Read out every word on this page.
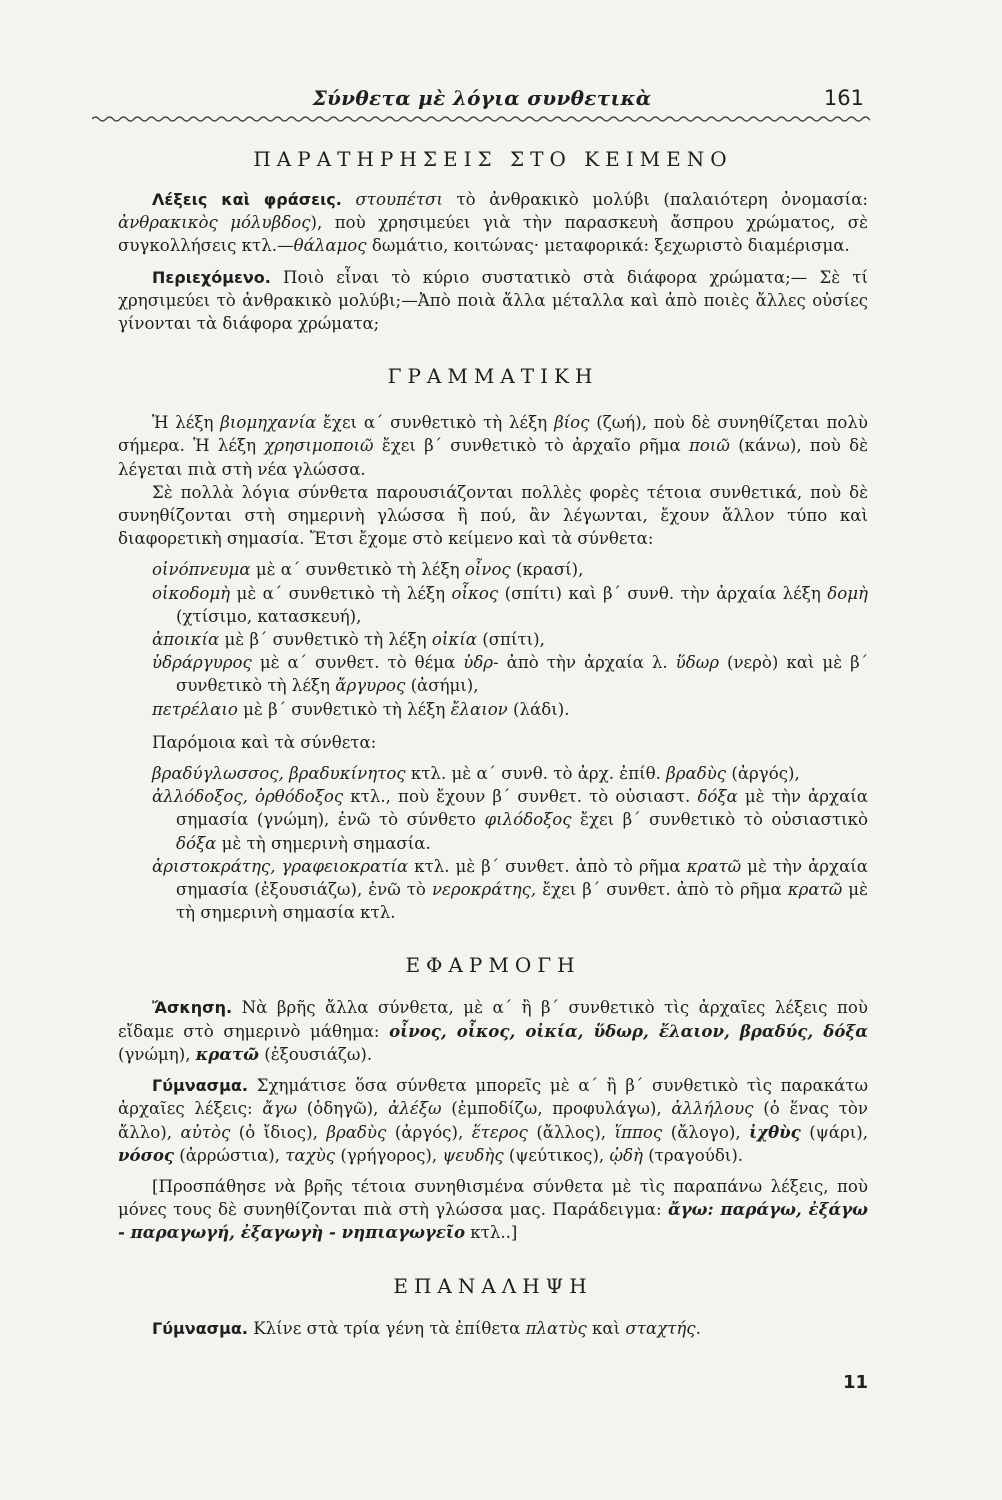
Σύνθετα μὲ λόγια συνθετικὰ	161
ΠΑΡΑΤΗΡΗΣΕΙΣ ΣΤΟ ΚΕΙΜΕΝΟ

Λέξεις καὶ φράσεις. στουπέτσι τὸ ἀνθρακικὸ μολύβι (παλαιότερη ὀνομασία: ἀνθρακικὸς μόλυβδος), ποὺ χρησιμεύει γιὰ τὴν παρασκευὴ ἄσπρου χρώματος, σὲ συγκολλήσεις κτλ.—θάλαμος δωμάτιο, κοιτώνας· μεταφορικά: ξεχωριστὸ διαμέρισμα.

Περιεχόμενο. Ποιὸ εἶναι τὸ κύριο συστατικὸ στὰ διάφορα χρώματα;— Σὲ τί χρησιμεύει τὸ ἀνθρακικὸ μολύβι;—Ἀπὸ ποιὰ ἄλλα μέταλλα καὶ ἀπὸ ποιὲς ἄλλες οὐσίες γίνονται τὰ διάφορα χρώματα;

ΓΡΑΜΜΑΤΙΚΗ

Ἡ λέξη βιομηχανία ἔχει α΄ συνθετικὸ τὴ λέξη βίος (ζωή), ποὺ δὲ συνηθίζεται πολὺ σήμερα. Ἡ λέξη χρησιμοποιῶ ἔχει β΄ συνθετικὸ τὸ ἀρχαῖο ρῆμα ποιῶ (κάνω), ποὺ δὲ λέγεται πιὰ στὴ νέα γλώσσα.

Σὲ πολλὰ λόγια σύνθετα παρουσιάζονται πολλὲς φορὲς τέτοια συνθετικά, ποὺ δὲ συνηθίζονται στὴ σημερινὴ γλώσσα ἢ πού, ἂν λέγωνται, ἔχουν ἄλλον τύπο καὶ διαφορετικὴ σημασία. Ἔτσι ἔχομε στὸ κείμενο καὶ τὰ σύνθετα:

οἰνόπνευμα μὲ α΄ συνθετικὸ τὴ λέξη οἶνος (κρασί),

οἰκοδομὴ μὲ α΄ συνθετικὸ τὴ λέξη οἶκος (σπίτι) καὶ β΄ συνθ. τὴν ἀρχαία λέξη δομὴ (χτίσιμο, κατασκευή),

ἀποικία μὲ β΄ συνθετικὸ τὴ λέξη οἰκία (σπίτι),

ὑδράργυρος μὲ α΄ συνθετ. τὸ θέμα ὑδρ- ἀπὸ τὴν ἀρχαία λ. ὕδωρ (νερὸ) καὶ μὲ β΄ συνθετικὸ τὴ λέξη ἄργυρος (ἀσήμι),

πετρέλαιο μὲ β΄ συνθετικὸ τὴ λέξη ἔλαιον (λάδι).

Παρόμοια καὶ τὰ σύνθετα:

βραδύγλωσσος, βραδυκίνητος κτλ. μὲ α΄ συνθ. τὸ ἀρχ. ἐπίθ. βραδὺς (ἀργός),

ἀλλόδοξος, ὀρθόδοξος κτλ., ποὺ ἔχουν β΄ συνθετ. τὸ οὐσιαστ. δόξα μὲ τὴν ἀρχαία σημασία (γνώμη), ἐνῶ τὸ σύνθετο φιλόδοξος ἔχει β΄ συνθετικὸ τὸ οὐσιαστικὸ δόξα μὲ τὴ σημερινὴ σημασία.

ἀριστοκράτης, γραφειοκρατία κτλ. μὲ β΄ συνθετ. ἀπὸ τὸ ρῆμα κρατῶ μὲ τὴν ἀρχαία σημασία (ἐξουσιάζω), ἐνῶ τὸ νεροκράτης, ἔχει β΄ συνθετ. ἀπὸ τὸ ρῆμα κρατῶ μὲ τὴ σημερινὴ σημασία κτλ.

ΕΦΑΡΜΟΓΗ

Ἄσκηση. Νὰ βρῆς ἄλλα σύνθετα, μὲ α΄ ἢ β΄ συνθετικὸ τὶς ἀρχαῖες λέξεις ποὺ εἴδαμε στὸ σημερινὸ μάθημα: οἶνος, οἶκος, οἰκία, ὕδωρ, ἔλαιον, βραδύς, δόξα (γνώμη), κρατῶ (ἐξουσιάζω).

Γύμνασμα. Σχημάτισε ὅσα σύνθετα μπορεῖς μὲ α΄ ἢ β΄ συνθετικὸ τὶς παρακάτω ἀρχαῖες λέξεις: ἄγω (ὁδηγῶ), ἀλέξω (ἐμποδίζω, προφυλάγω), ἀλλήλους (ὁ ἕνας τὸν ἄλλο), αὐτὸς (ὁ ἴδιος), βραδὺς (ἀργός), ἕτερος (ἄλλος), ἵππος (ἄλογο), ἰχθὺς (ψάρι), νόσος (ἀρρώστια), ταχὺς (γρήγορος), ψευδὴς (ψεύτικος), ᾠδὴ (τραγούδι).

[Προσπάθησε νὰ βρῆς τέτοια συνηθισμένα σύνθετα μὲ τὶς παραπάνω λέξεις, ποὺ μόνες τους δὲ συνηθίζονται πιὰ στὴ γλώσσα μας. Παράδειγμα: ἄγω: παράγω, ἐξάγω - παραγωγή, ἐξαγωγὴ - νηπιαγωγεῖο κτλ..]

ΕΠΑΝΑΛΗΨΗ

Γύμνασμα. Κλίνε στὰ τρία γένη τὰ ἐπίθετα πλατὺς καὶ σταχτής.

11
